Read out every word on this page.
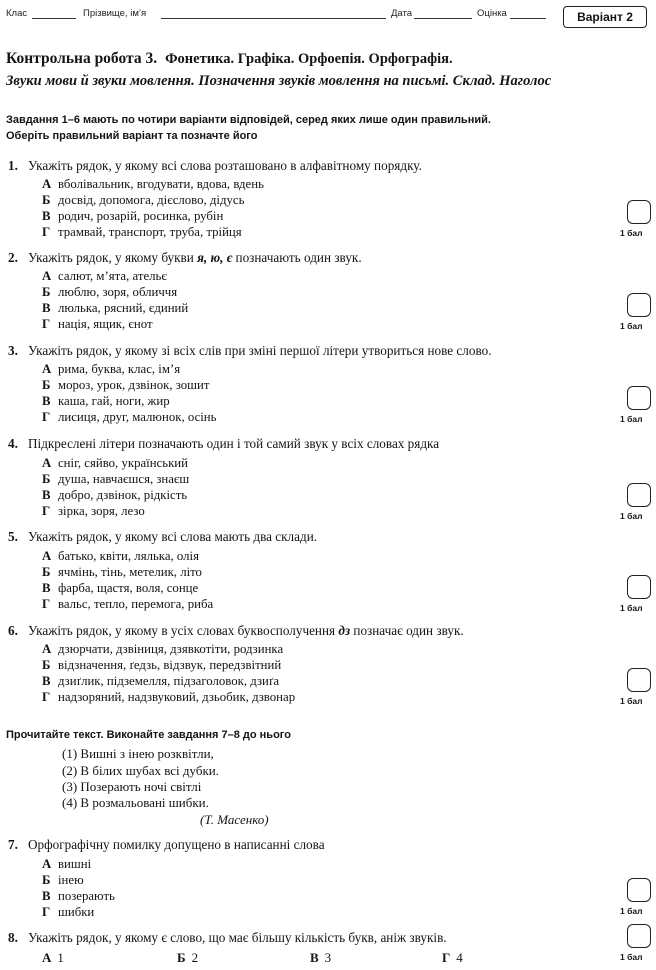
Клас	Прізвище, ім’я	Дата	Оцінка	Варіант 2
Контрольна робота 3. Фонетика. Графіка. Орфоепія. Орфографія.
Звуки мови й звуки мовлення. Позначення звуків мовлення на письмі. Склад. Наголос
Завдання 1–6 мають по чотири варіанти відповідей, серед яких лише один правильний.
Оберіть правильний варіант та позначте його
1. Укажіть рядок, у якому всі слова розташовано в алфавітному порядку.
А вболівальник, вгодувати, вдова, вдень
Б досвід, допомога, дієслово, дідусь
В родич, розарій, росинка, рубін
Г трамвай, транспорт, труба, трійця	1 бал
2. Укажіть рядок, у якому букви я, ю, є позначають один звук.
А салют, м’ята, ательє
Б люблю, зоря, обличчя
В люлька, рясний, єдиний
Г нація, ящик, єнот	1 бал
3. Укажіть рядок, у якому зі всіх слів при зміні першої літери утвориться нове слово.
А рима, буква, клас, ім’я
Б мороз, урок, дзвінок, зошит
В каша, гай, ноги, жир
Г лисиця, друг, малюнок, осінь	1 бал
4. Підкреслені літери позначають один і той самий звук у всіх словах рядка
А сніг, сяйво, український
Б душа, навчаєшся, знаєш
В добро, дзвінок, рідкість
Г зірка, зоря, лезо	1 бал
5. Укажіть рядок, у якому всі слова мають два склади.
А батько, квіти, лялька, олія
Б ячмінь, тінь, метелик, літо
В фарба, щастя, воля, сонце
Г вальс, тепло, перемога, риба	1 бал
6. Укажіть рядок, у якому в усіх словах буквосполучення дз позначає один звук.
А дзюрчати, дзвіниця, дзявкотіти, родзинка
Б відзначення, ґедзь, відзвук, передзвітний
В дзиґлик, підземелля, підзаголовок, дзиґа
Г надзоряний, надзвуковий, дзьобик, дзвонар	1 бал
Прочитайте текст. Виконайте завдання 7–8 до нього
(1) Вишні з інею розквітли,
(2) В білих шубах всі дубки.
(3) Позерають ночі світлі
(4) В розмальовані шибки.
(Т. Масенко)
7. Орфографічну помилку допущено в написанні слова
А вишні
Б інею
В позерають
Г шибки	1 бал
8. Укажіть рядок, у якому є слово, що має більшу кількість букв, аніж звуків.
А 1	Б 2	В 3	Г 4	1 бал
